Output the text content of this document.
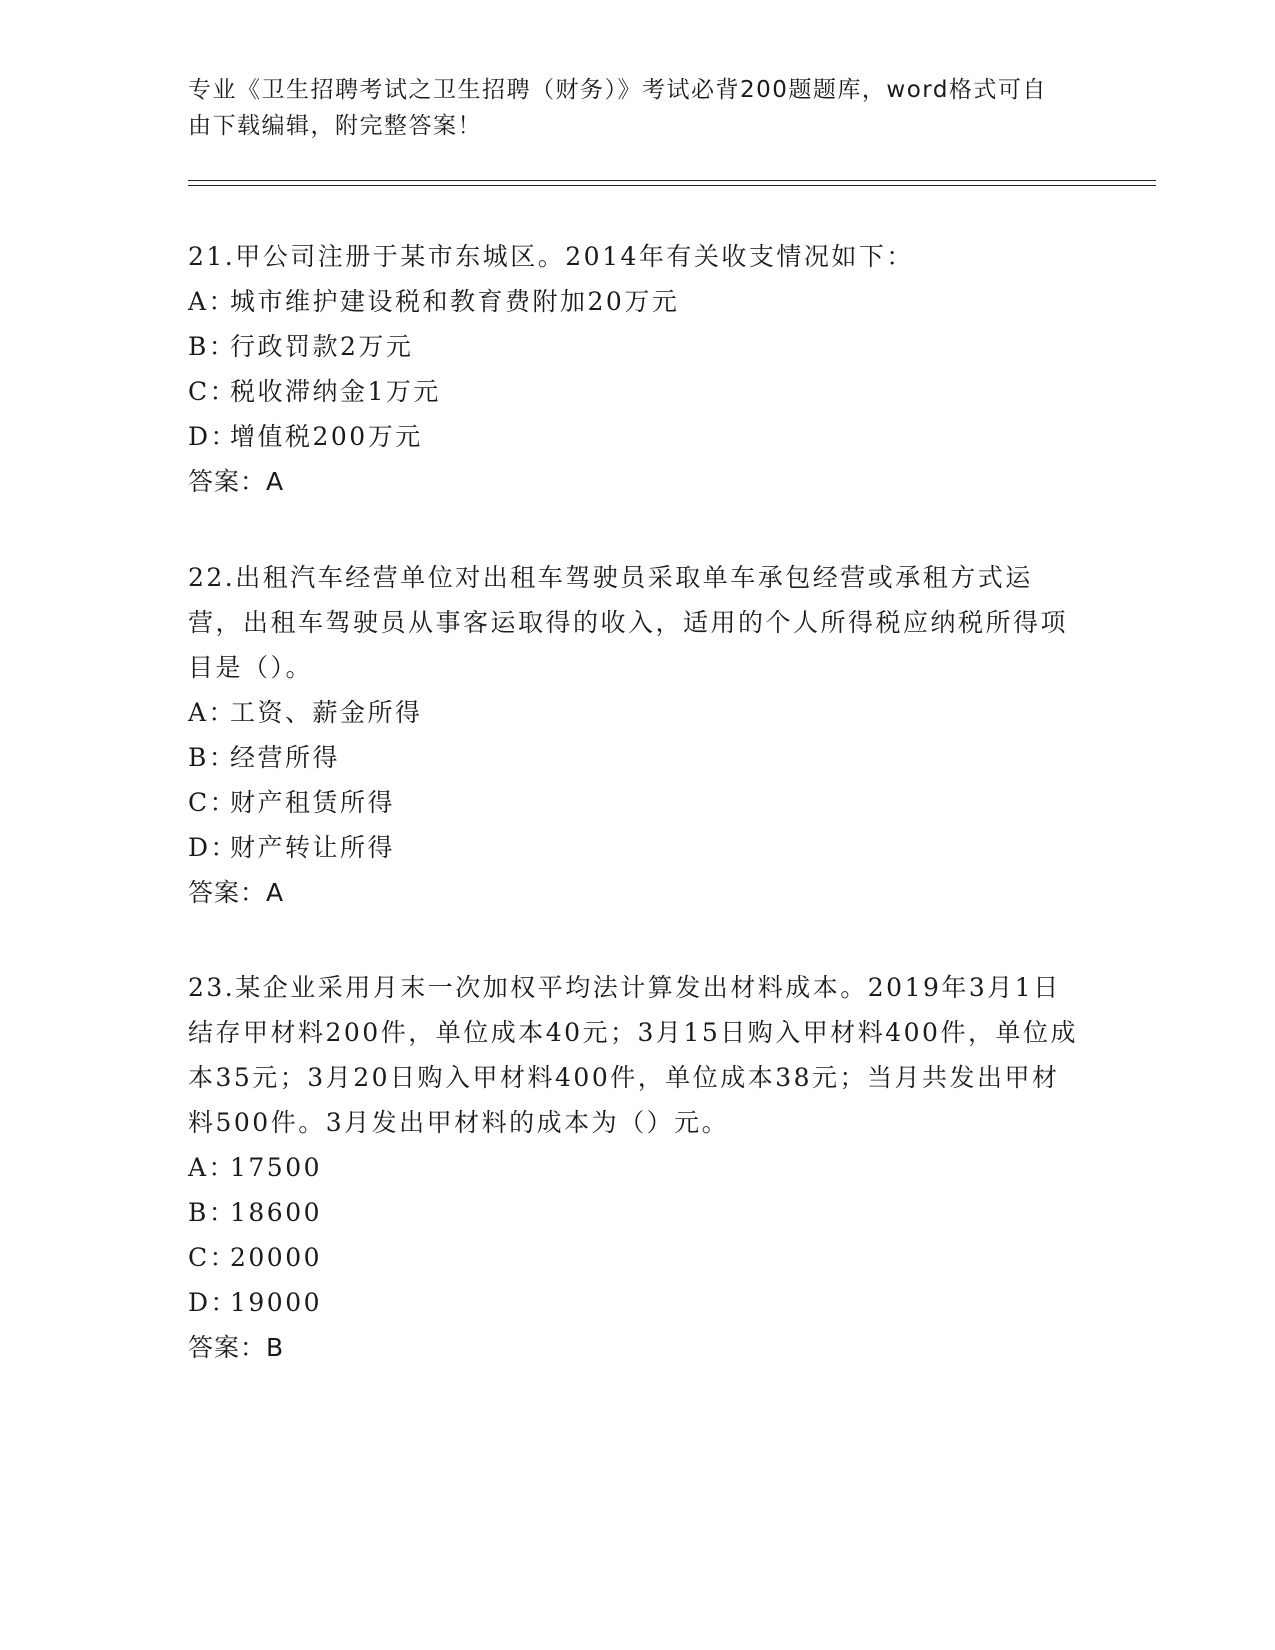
专业《卫生招聘考试之卫生招聘（财务）》考试必背200题题库，word格式可自由下载编辑，附完整答案！

21.甲公司注册于某市东城区。2014年有关收支情况如下：

A：
城市维护建设税和教育费附加20万元

B：
行政罚款2万元

C：
税收滞纳金1万元

D：
增值税200万元

答案：A

22.出租汽车经营单位对出租车驾驶员采取单车承包经营或承租方式运营，出租车驾驶员从事客运取得的收入，适用的个人所得税应纳税所得项目是（）。

A：
工资、薪金所得

B：
经营所得

C：
财产租赁所得

D：
财产转让所得

答案：A

23.某企业采用月末一次加权平均法计算发出材料成本。2019年3月1日结存甲材料200件，单位成本40元；3月15日购入甲材料400件，单位成本35元；3月20日购入甲材料400件，单位成本38元；当月共发出甲材料500件。3月发出甲材料的成本为（）元。

A：
17500

B：
18600

C：
20000

D：
19000

答案：B
